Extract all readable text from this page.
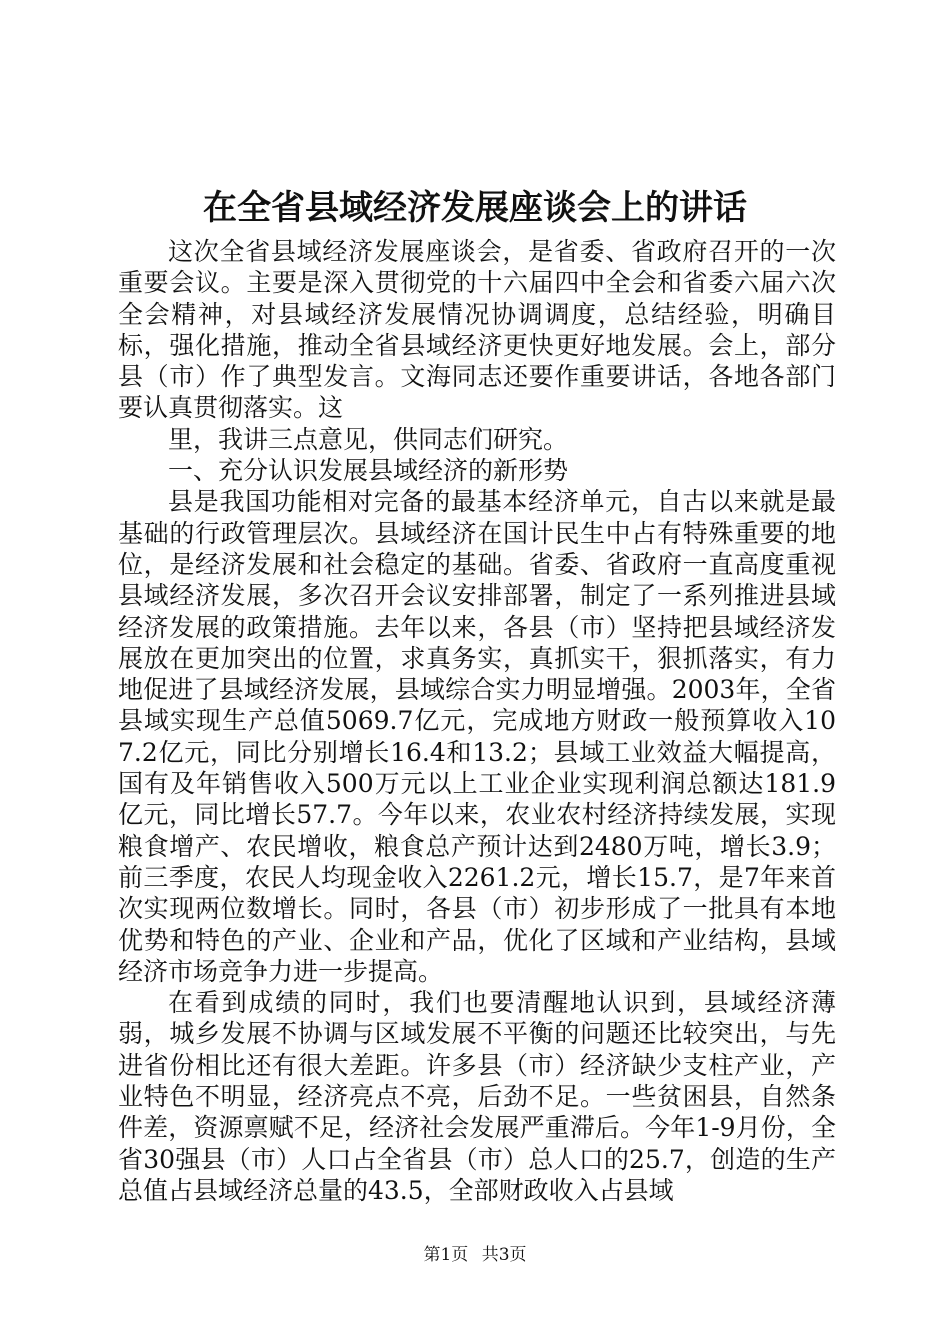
在全省县域经济发展座谈会上的讲话

这次全省县域经济发展座谈会，是省委、省政府召开的一次重要会议。主要是深入贯彻党的十六届四中全会和省委六届六次全会精神，对县域经济发展情况协调调度，总结经验，明确目标，强化措施，推动全省县域经济更快更好地发展。会上，部分县（市）作了典型发言。文海同志还要作重要讲话，各地各部门要认真贯彻落实。这

里，我讲三点意见，供同志们研究。

一、充分认识发展县域经济的新形势

县是我国功能相对完备的最基本经济单元，自古以来就是最基础的行政管理层次。县域经济在国计民生中占有特殊重要的地位，是经济发展和社会稳定的基础。省委、省政府一直高度重视县域经济发展，多次召开会议安排部署，制定了一系列推进县域经济发展的政策措施。去年以来，各县（市）坚持把县域经济发展放在更加突出的位置，求真务实，真抓实干，狠抓落实，有力地促进了县域经济发展，县域综合实力明显增强。2003年，全省县域实现生产总值5069.7亿元，完成地方财政一般预算收入107.2亿元，同比分别增长16.4和13.2；县域工业效益大幅提高，国有及年销售收入500万元以上工业企业实现利润总额达181.9亿元，同比增长57.7。今年以来，农业农村经济持续发展，实现粮食增产、农民增收，粮食总产预计达到2480万吨，增长3.9；前三季度，农民人均现金收入2261.2元，增长15.7，是7年来首次实现两位数增长。同时，各县（市）初步形成了一批具有本地优势和特色的产业、企业和产品，优化了区域和产业结构，县域经济市场竞争力进一步提高。

在看到成绩的同时，我们也要清醒地认识到，县域经济薄弱，城乡发展不协调与区域发展不平衡的问题还比较突出，与先进省份相比还有很大差距。许多县（市）经济缺少支柱产业，产业特色不明显，经济亮点不亮，后劲不足。一些贫困县，自然条件差，资源禀赋不足，经济社会发展严重滞后。今年1-9月份，全省30强县（市）人口占全省县（市）总人口的25.7，创造的生产总值占县域经济总量的43.5，全部财政收入占县域

第1页 共3页
